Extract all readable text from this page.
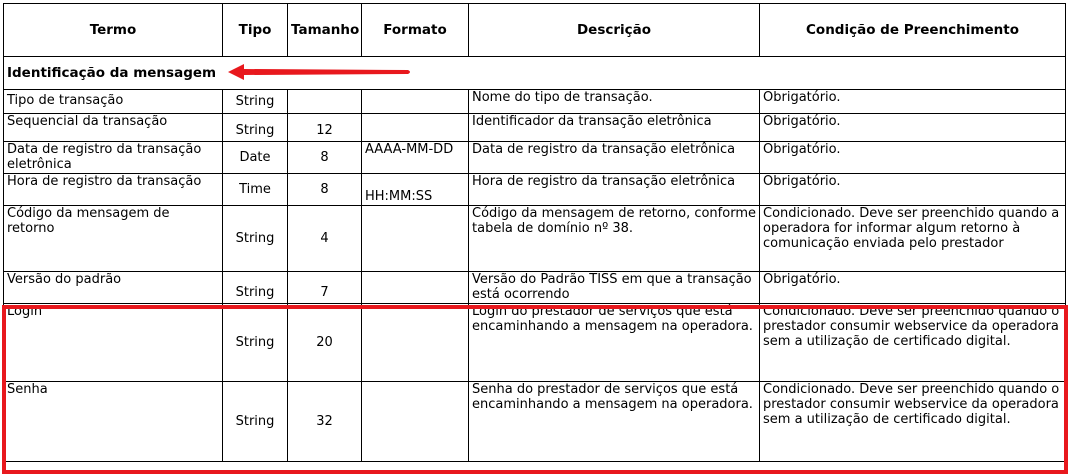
Termo	Tipo	Tamanho	Formato	Descrição	Condição de Preenchimento
Identificação da mensagem					
Tipo de transação	String			Nome do tipo de transação.	Obrigatório.
Sequencial da transação	String	12		Identificador da transação eletrônica	Obrigatório.
Data de registro da transação eletrônica	Date	8	AAAA-MM-DD	Data de registro da transação eletrônica	Obrigatório.
Hora de registro da transação	Time	8	HH:MM:SS	Hora de registro da transação eletrônica	Obrigatório.
Código da mensagem de retorno	String	4		Código da mensagem de retorno, conforme tabela de domínio nº 38.	Condicionado. Deve ser preenchido quando a operadora for informar algum retorno à comunicação enviada pelo prestador
Versão do padrão	String	7		Versão do Padrão TISS em que a transação está ocorrendo	Obrigatório.
Login	String	20		Login do prestador de serviços que está encaminhando a mensagem na operadora.	Condicionado. Deve ser preenchido quando o prestador consumir webservice da operadora sem a utilização de certificado digital.
Senha	String	32		Senha do prestador de serviços que está encaminhando a mensagem na operadora.	Condicionado. Deve ser preenchido quando o prestador consumir webservice da operadora sem a utilização de certificado digital.
